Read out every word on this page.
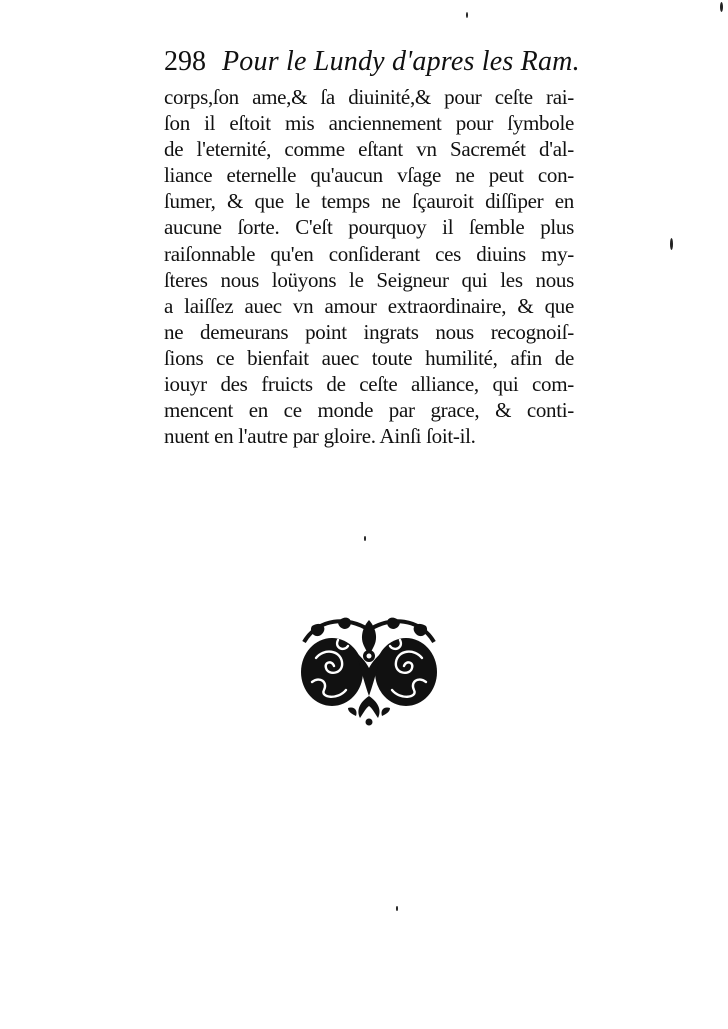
298 Pour le Lundy d'apres les Ram.
corps,ſon ame,& ſa diuinité,& pour ceſte rai-
ſon il eſtoit mis anciennement pour ſymbole
de l'eternité, comme eſtant vn Sacremét d'al-
liance eternelle qu'aucun vſage ne peut con-
ſumer, & que le temps ne ſçauroit diſſiper en
aucune ſorte. C'eſt pourquoy il ſemble plus
raiſonnable qu'en conſiderant ces diuins my-
ſteres nous loüyons le Seigneur qui les nous
a laiſſez auec vn amour extraordinaire, & que
ne demeurans point ingrats nous recognoiſ-
ſions ce bienfait auec toute humilité, afin de
iouyr des fruicts de ceſte alliance, qui com-
mencent en ce monde par grace, & conti-
nuent en l'autre par gloire. Ainſi ſoit-il.
